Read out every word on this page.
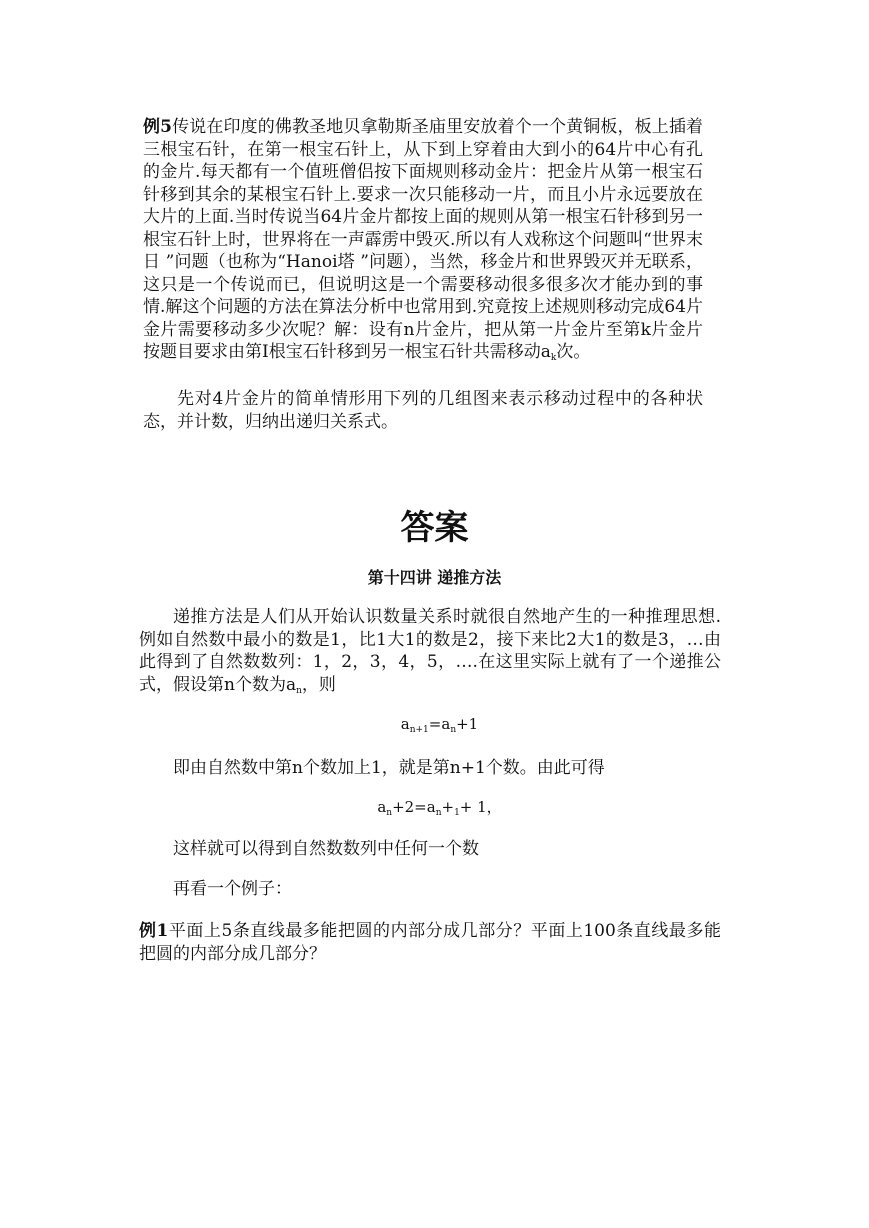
例5传说在印度的佛教圣地贝拿勒斯圣庙里安放着个一个黄铜板，板上插着三根宝石针，在第一根宝石针上，从下到上穿着由大到小的64片中心有孔的金片.每天都有一个值班僧侣按下面规则移动金片：把金片从第一根宝石针移到其余的某根宝石针上.要求一次只能移动一片，而且小片永远要放在大片的上面.当时传说当64片金片都按上面的规则从第一根宝石针移到另一根宝石针上时，世界将在一声霹雳中毁灭.所以有人戏称这个问题叫“世界末日 ”问题（也称为“Hanoi塔 ”问题），当然，移金片和世界毁灭并无联系，这只是一个传说而已，但说明这是一个需要移动很多很多次才能办到的事情.解这个问题的方法在算法分析中也常用到.究竟按上述规则移动完成64片金片需要移动多少次呢？解：设有n片金片，把从第一片金片至第k片金片按题目要求由第I根宝石针移到另一根宝石针共需移动$a_k$次。

先对4片金片的简单情形用下列的几组图来表示移动过程中的各种状态，并计数，归纳出递归关系式。

答案
第十四讲 递推方法

递推方法是人们从开始认识数量关系时就很自然地产生的一种推理思想.例如自然数中最小的数是1，比1大1的数是2，接下来比2大1的数是3，…由此得到了自然数数列：1，2，3，4，5，….在这里实际上就有了一个递推公式，假设第n个数为$a_n$，则

$a_{n+1}=a_n+1$

即由自然数中第n个数加上1，就是第n+1个数。由此可得

$a_n+2=a_n+_1+ 1$，

这样就可以得到自然数数列中任何一个数

再看一个例子：

例1平面上5条直线最多能把圆的内部分成几部分？平面上100条直线最多能把圆的内部分成几部分？
